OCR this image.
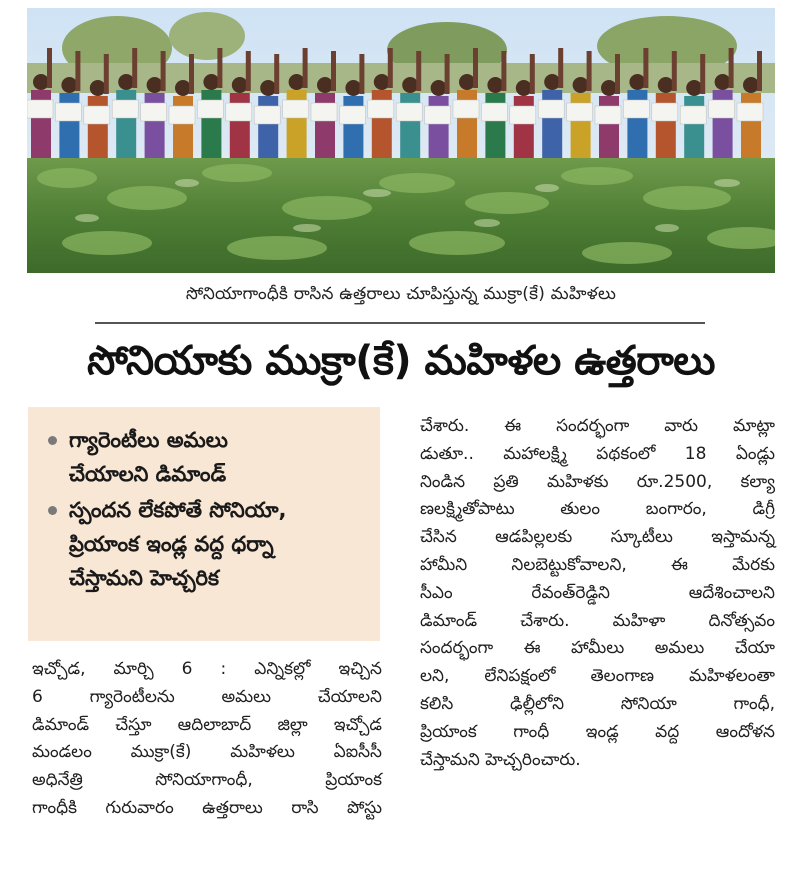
సోనియాగాంధీకి రాసిన ఉత్తరాలు చూపిస్తున్న ముక్రా(కే) మహిళలు
సోనియాకు ముక్రా(కే) మహిళల ఉత్తరాలు
గ్యారెంటీలు అమలు
చేయాలని డిమాండ్
స్పందన లేకపోతే సోనియా,
ప్రియాంక ఇండ్ల వద్ద ధర్నా
చేస్తామని హెచ్చరిక
ఇచ్చోడ, మార్చి 6 : ఎన్నికల్లో ఇచ్చిన
6 గ్యారెంటీలను అమలు చేయాలని
డిమాండ్ చేస్తూ ఆదిలాబాద్ జిల్లా ఇచ్చోడ
మండలం ముక్రా(కే) మహిళలు ఏఐసీసీ
అధినేత్రి సోనియాగాంధీ, ప్రియాంక
గాంధీకి గురువారం ఉత్తరాలు రాసి పోస్టు
చేశారు. ఈ సందర్భంగా వారు మాట్లా
డుతూ.. మహాలక్ష్మి పథకంలో 18 ఏండ్లు
నిండిన ప్రతి మహిళకు రూ.2500, కల్యా
ణలక్ష్మితోపాటు తులం బంగారం, డిగ్రీ
చేసిన ఆడపిల్లలకు స్కూటీలు ఇస్తామన్న
హామీని నిలబెట్టుకోవాలని, ఈ మేరకు
సీఎం రేవంత్‌రెడ్డిని ఆదేశించాలని
డిమాండ్ చేశారు. మహిళా దినోత్సవం
సందర్భంగా ఈ హామీలు అమలు చేయా
లని, లేనిపక్షంలో తెలంగాణ మహిళలంతా
కలిసి ఢిల్లీలోని సోనియా గాంధీ,
ప్రియాంక గాంధీ ఇండ్ల వద్ద ఆందోళన
చేస్తామని హెచ్చరించారు.
